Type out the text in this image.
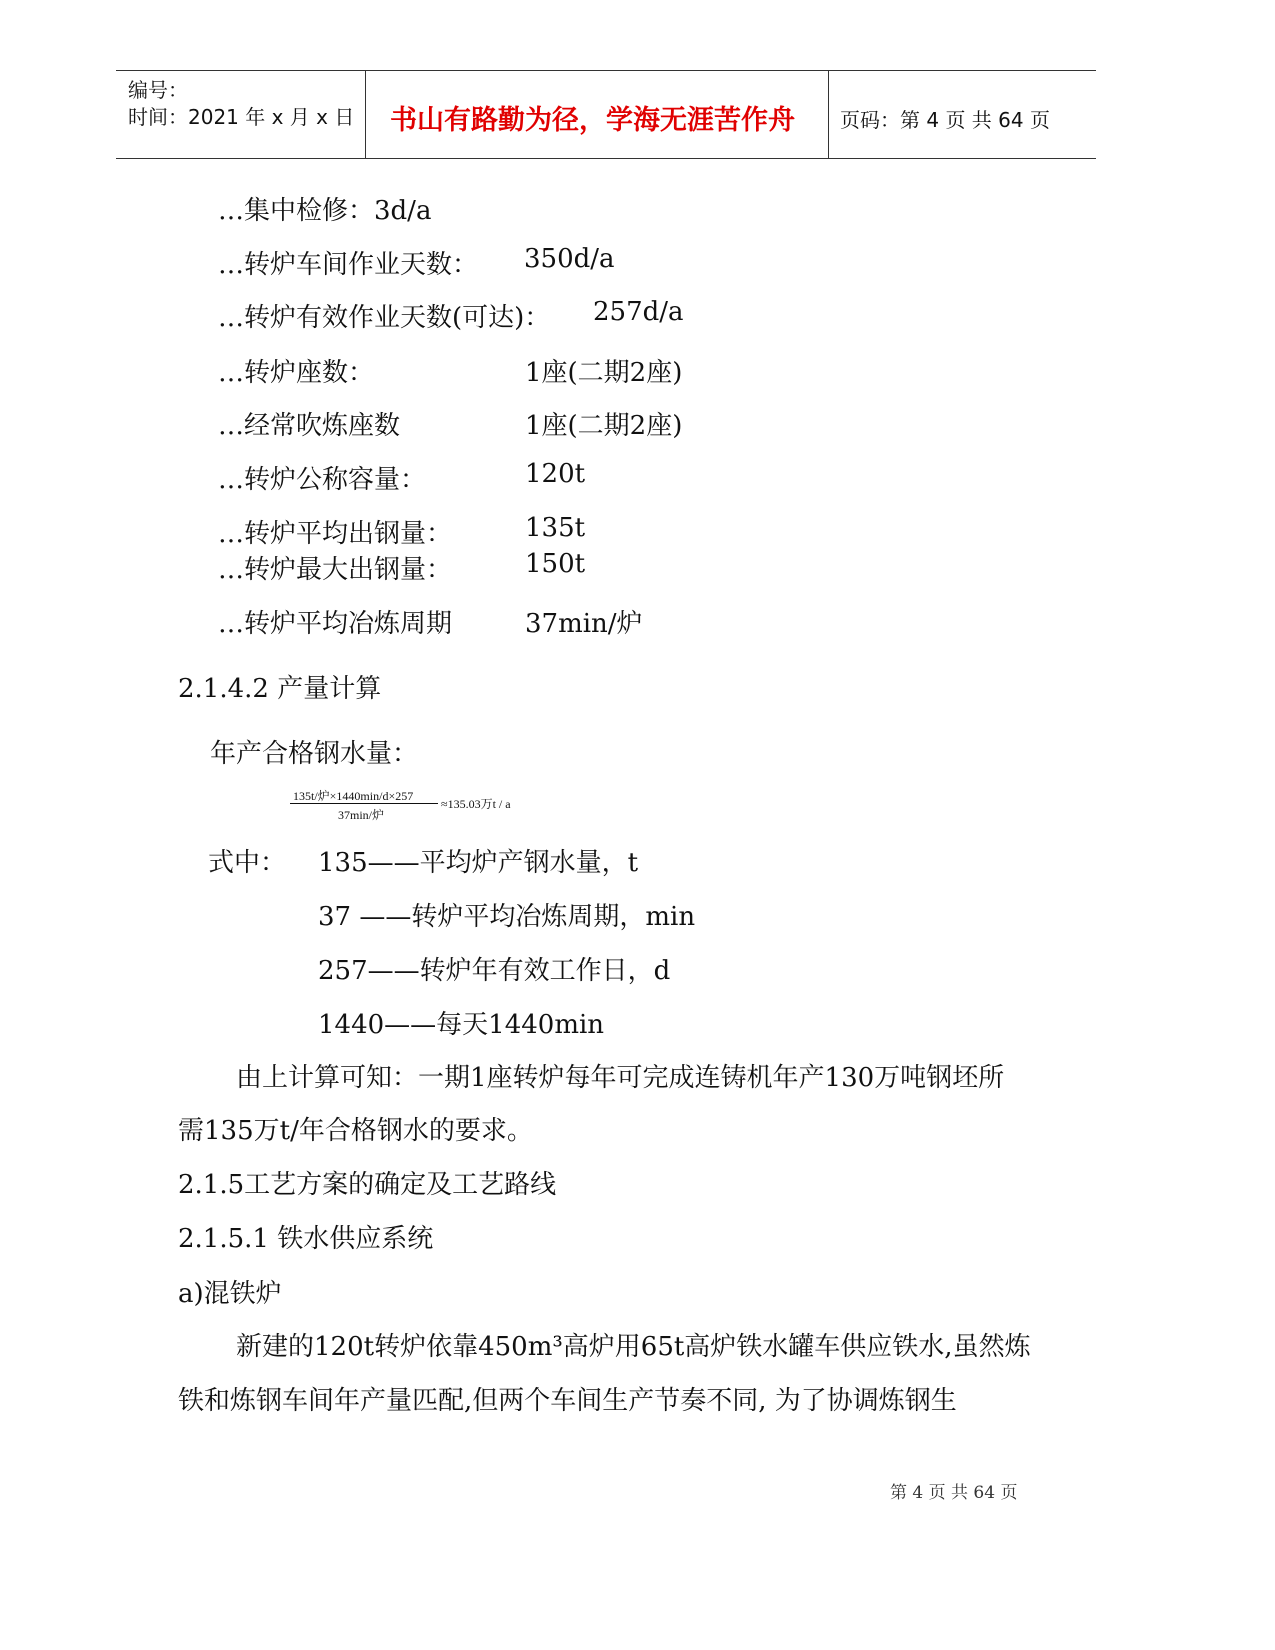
编号：
时间：2021 年 x 月 x 日 书山有路勤为径，学海无涯苦作舟 页码：第 4 页 共 64 页
…集中检修：3d/a
…转炉车间作业天数： 350d/a
…转炉有效作业天数(可达)： 257d/a
…转炉座数：	1座(二期2座)
…经常吹炼座数	1座(二期2座)
…转炉公称容量：	120t
…转炉平均出钢量：	135t
…转炉最大出钢量：	150t
…转炉平均冶炼周期	37min/炉
2.1.4.2 产量计算
年产合格钢水量：
135t/炉×1440min/d×257
37min/炉
≈135.03万t / a
式中： 135——平均炉产钢水量，t
37 ——转炉平均冶炼周期，min
257——转炉年有效工作日，d
1440——每天1440min
由上计算可知：一期1座转炉每年可完成连铸机年产130万吨钢坯所
需135万t/年合格钢水的要求。
2.1.5工艺方案的确定及工艺路线
2.1.5.1 铁水供应系统
a)混铁炉
新建的120t转炉依靠450m³高炉用65t高炉铁水罐车供应铁水,虽然炼
铁和炼钢车间年产量匹配,但两个车间生产节奏不同, 为了协调炼钢生
第 4 页 共 64 页
